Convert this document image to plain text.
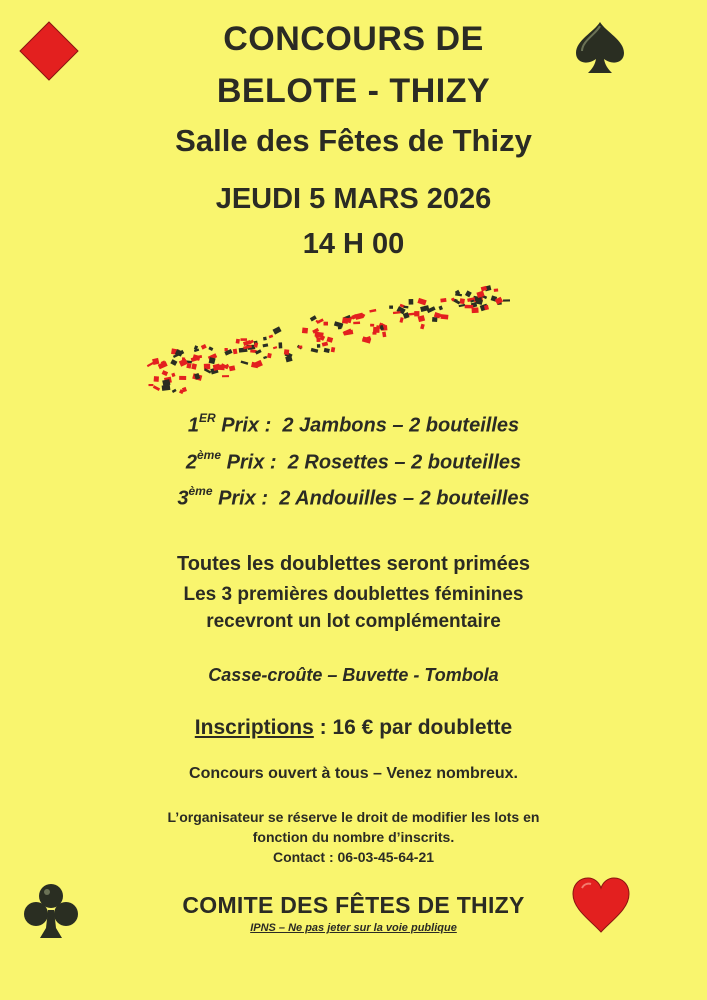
CONCOURS DE
BELOTE - THIZY
Salle des Fêtes de Thizy
JEUDI 5 MARS 2026
14 H 00
1ER Prix : 2 Jambons – 2 bouteilles
2ème Prix : 2 Rosettes – 2 bouteilles
3ème Prix : 2 Andouilles – 2 bouteilles
Toutes les doublettes seront primées
Les 3 premières doublettes féminines
recevront un lot complémentaire
Casse-croûte – Buvette - Tombola
Inscriptions : 16 € par doublette
Concours ouvert à tous – Venez nombreux.
L’organisateur se réserve le droit de modifier les lots en
fonction du nombre d’inscrits.
Contact : 06-03-45-64-21
COMITE DES FÊTES DE THIZY
IPNS – Ne pas jeter sur la voie publique
